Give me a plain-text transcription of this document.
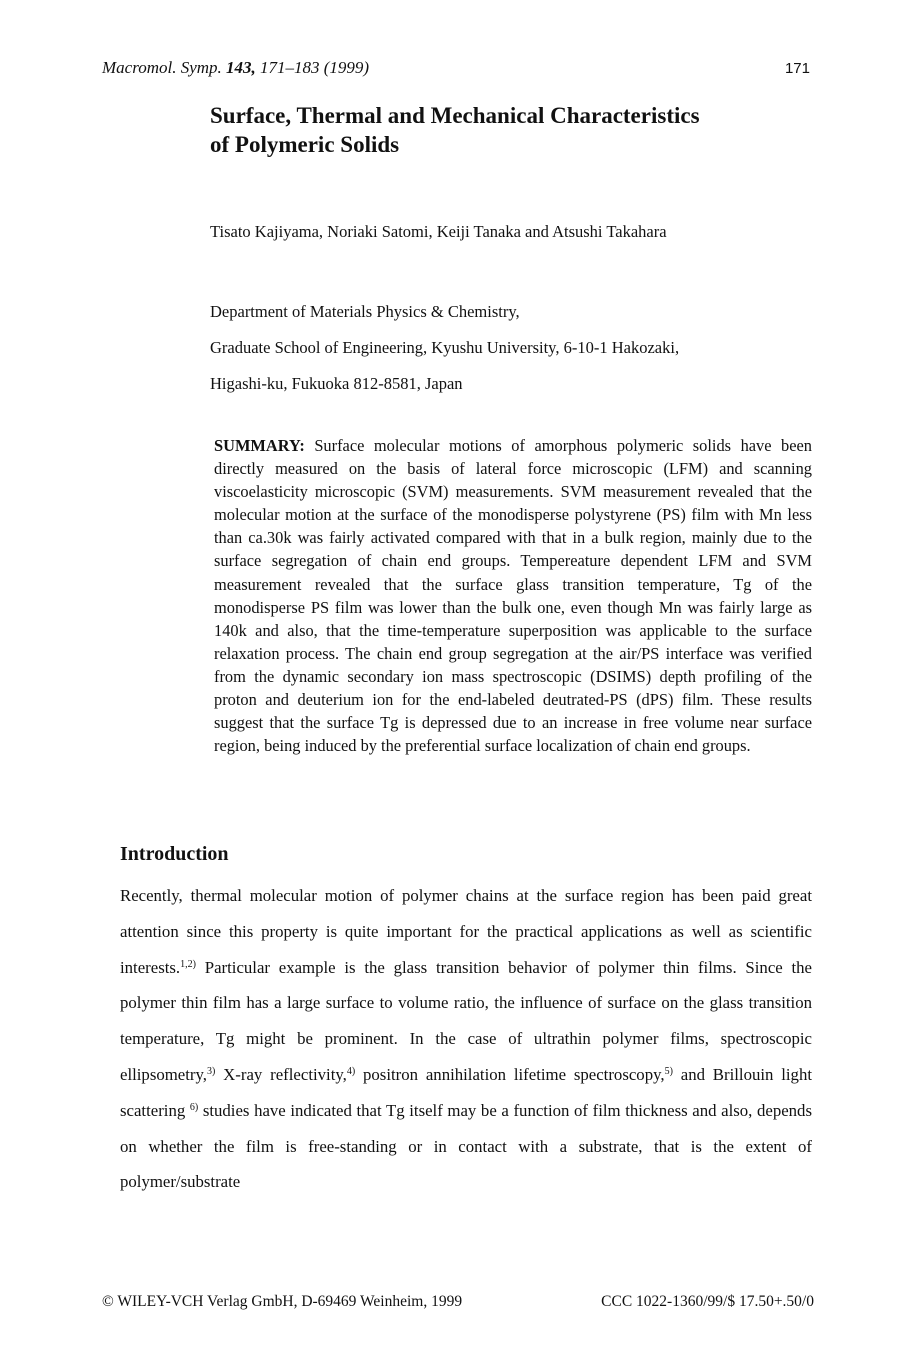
Macromol. Symp. 143, 171–183 (1999)	171
Surface, Thermal and Mechanical Characteristics
of Polymeric Solids
Tisato Kajiyama, Noriaki Satomi, Keiji Tanaka and Atsushi Takahara
Department of Materials Physics & Chemistry,
Graduate School of Engineering, Kyushu University, 6-10-1 Hakozaki,
Higashi-ku, Fukuoka 812-8581, Japan
SUMMARY: Surface molecular motions of amorphous polymeric solids have been directly measured on the basis of lateral force microscopic (LFM) and scanning viscoelasticity microscopic (SVM) measurements. SVM measurement revealed that the molecular motion at the surface of the monodisperse polystyrene (PS) film with Mn less than ca.30k was fairly activated compared with that in a bulk region, mainly due to the surface segregation of chain end groups. Tempereature dependent LFM and SVM measurement revealed that the surface glass transition temperature, Tg of the monodisperse PS film was lower than the bulk one, even though Mn was fairly large as 140k and also, that the time-temperature superposition was applicable to the surface relaxation process. The chain end group segregation at the air/PS interface was verified from the dynamic secondary ion mass spectroscopic (DSIMS) depth profiling of the proton and deuterium ion for the end-labeled deutrated-PS (dPS) film. These results suggest that the surface Tg is depressed due to an increase in free volume near surface region, being induced by the preferential surface localization of chain end groups.
Introduction

Recently, thermal molecular motion of polymer chains at the surface region has been paid great attention since this property is quite important for the practical applications as well as scientific interests.$^{1,2)}$ Particular example is the glass transition behavior of polymer thin films. Since the polymer thin film has a large surface to volume ratio, the influence of surface on the glass transition temperature, Tg might be prominent. In the case of ultrathin polymer films, spectroscopic ellipsometry,$^{3)}$ X-ray reflectivity,$^{4)}$ positron annihilation lifetime spectroscopy,$^{5)}$ and Brillouin light scattering $^{6)}$ studies have indicated that Tg itself may be a function of film thickness and also, depends on whether the film is free-standing or in contact with a substrate, that is the extent of polymer/substrate

© WILEY-VCH Verlag GmbH, D-69469 Weinheim, 1999	CCC 1022-1360/99/$ 17.50+.50/0
